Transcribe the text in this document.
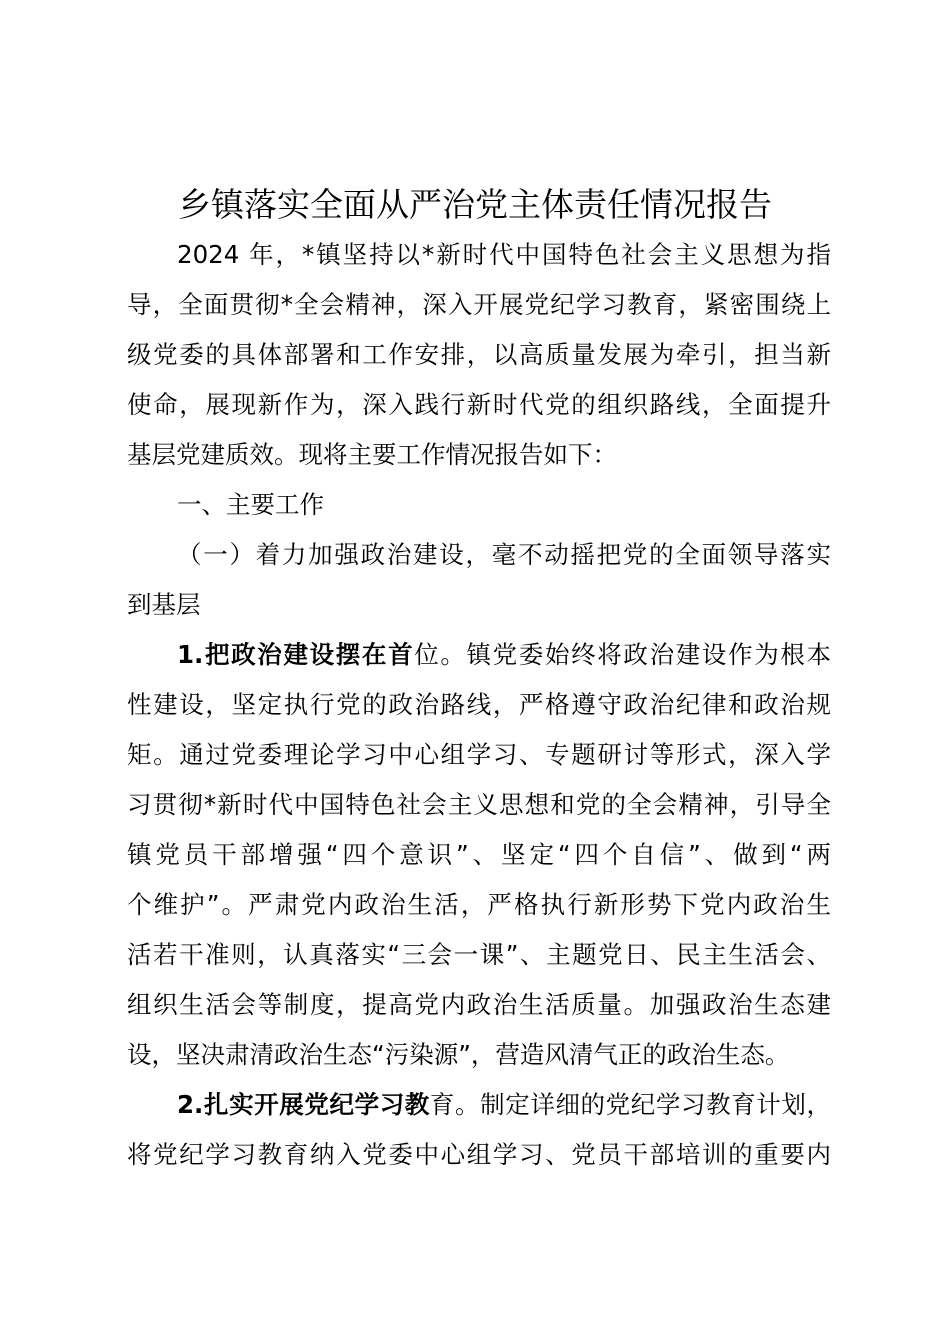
乡镇落实全面从严治党主体责任情况报告
2024 年，*镇坚持以*新时代中国特色社会主义思想为指
导，全面贯彻*全会精神，深入开展党纪学习教育，紧密围绕上
级党委的具体部署和工作安排，以高质量发展为牵引，担当新
使命，展现新作为，深入践行新时代党的组织路线，全面提升
基层党建质效。现将主要工作情况报告如下：
一、主要工作
（一）着力加强政治建设，毫不动摇把党的全面领导落实
到基层
1.把政治建设摆在首位。镇党委始终将政治建设作为根本
性建设，坚定执行党的政治路线，严格遵守政治纪律和政治规
矩。通过党委理论学习中心组学习、专题研讨等形式，深入学
习贯彻*新时代中国特色社会主义思想和党的全会精神，引导全
镇党员干部增强“四个意识”、坚定“四个自信”、做到“两
个维护”。严肃党内政治生活，严格执行新形势下党内政治生
活若干准则，认真落实“三会一课”、主题党日、民主生活会、
组织生活会等制度，提高党内政治生活质量。加强政治生态建
设，坚决肃清政治生态“污染源”，营造风清气正的政治生态。
2.扎实开展党纪学习教育。制定详细的党纪学习教育计划，
将党纪学习教育纳入党委中心组学习、党员干部培训的重要内
